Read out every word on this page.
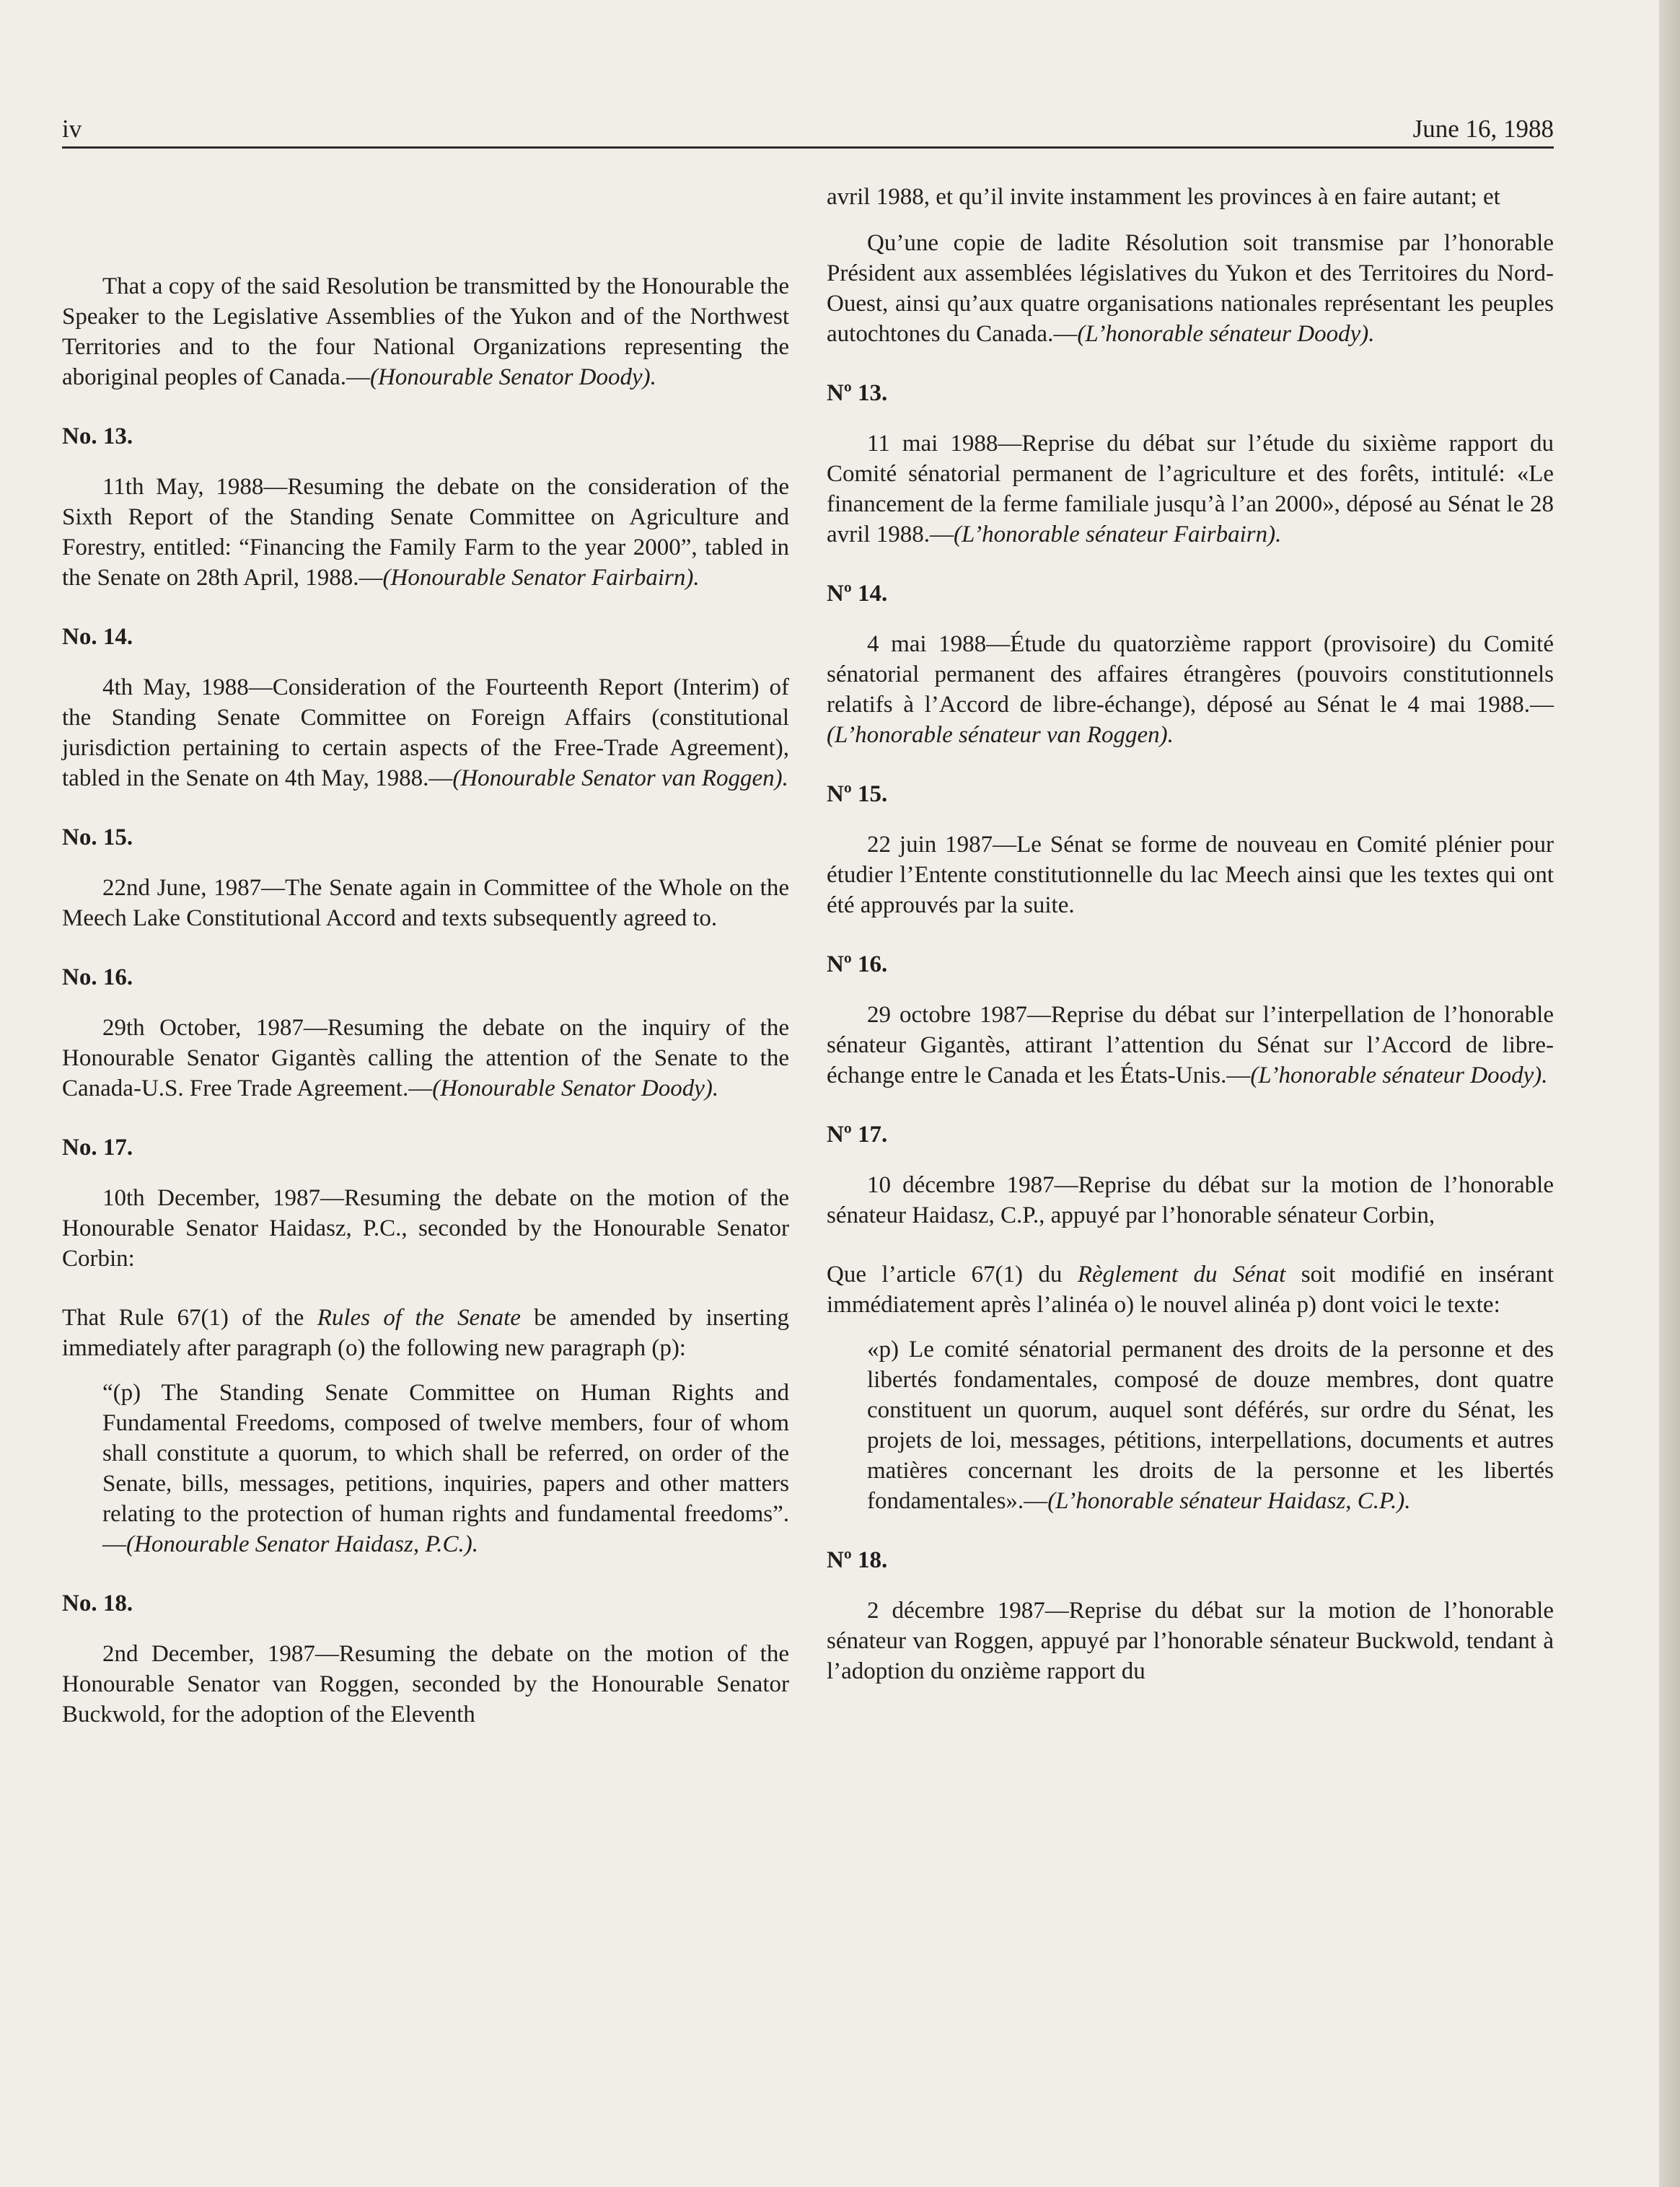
iv	June 16, 1988

That a copy of the said Resolution be transmitted by the Honourable the Speaker to the Legislative Assemblies of the Yukon and of the Northwest Territories and to the four National Organizations representing the aboriginal peoples of Canada.—(Honourable Senator Doody).

No. 13.

11th May, 1988—Resuming the debate on the consideration of the Sixth Report of the Standing Senate Committee on Agriculture and Forestry, entitled: “Financing the Family Farm to the year 2000”, tabled in the Senate on 28th April, 1988.—(Honourable Senator Fairbairn).

No. 14.

4th May, 1988—Consideration of the Fourteenth Report (Interim) of the Standing Senate Committee on Foreign Affairs (constitutional jurisdiction pertaining to certain aspects of the Free-Trade Agreement), tabled in the Senate on 4th May, 1988.—(Honourable Senator van Roggen).

No. 15.

22nd June, 1987—The Senate again in Committee of the Whole on the Meech Lake Constitutional Accord and texts subsequently agreed to.

No. 16.

29th October, 1987—Resuming the debate on the inquiry of the Honourable Senator Gigantès calling the attention of the Senate to the Canada-U.S. Free Trade Agreement.—(Honourable Senator Doody).

No. 17.

10th December, 1987—Resuming the debate on the motion of the Honourable Senator Haidasz, P.C., seconded by the Honourable Senator Corbin:

That Rule 67(1) of the Rules of the Senate be amended by inserting immediately after paragraph (o) the following new paragraph (p):

“(p) The Standing Senate Committee on Human Rights and Fundamental Freedoms, composed of twelve members, four of whom shall constitute a quorum, to which shall be referred, on order of the Senate, bills, messages, petitions, inquiries, papers and other matters relating to the protection of human rights and fundamental freedoms”.—(Honourable Senator Haidasz, P.C.).

No. 18.

2nd December, 1987—Resuming the debate on the motion of the Honourable Senator van Roggen, seconded by the Honourable Senator Buckwold, for the adoption of the Eleventh

avril 1988, et qu’il invite instamment les provinces à en faire autant; et

Qu’une copie de ladite Résolution soit transmise par l’honorable Président aux assemblées législatives du Yukon et des Territoires du Nord-Ouest, ainsi qu’aux quatre organisations nationales représentant les peuples autochtones du Canada.—(L’honorable sénateur Doody).

Nº 13.

11 mai 1988—Reprise du débat sur l’étude du sixième rapport du Comité sénatorial permanent de l’agriculture et des forêts, intitulé: «Le financement de la ferme familiale jusqu’à l’an 2000», déposé au Sénat le 28 avril 1988.—(L’honorable sénateur Fairbairn).

Nº 14.

4 mai 1988—Étude du quatorzième rapport (provisoire) du Comité sénatorial permanent des affaires étrangères (pouvoirs constitutionnels relatifs à l’Accord de libre-échange), déposé au Sénat le 4 mai 1988.—(L’honorable sénateur van Roggen).

Nº 15.

22 juin 1987—Le Sénat se forme de nouveau en Comité plénier pour étudier l’Entente constitutionnelle du lac Meech ainsi que les textes qui ont été approuvés par la suite.

Nº 16.

29 octobre 1987—Reprise du débat sur l’interpellation de l’honorable sénateur Gigantès, attirant l’attention du Sénat sur l’Accord de libre-échange entre le Canada et les États-Unis.—(L’honorable sénateur Doody).

Nº 17.

10 décembre 1987—Reprise du débat sur la motion de l’honorable sénateur Haidasz, C.P., appuyé par l’honorable sénateur Corbin,

Que l’article 67(1) du Règlement du Sénat soit modifié en insérant immédiatement après l’alinéa o) le nouvel alinéa p) dont voici le texte:

«p) Le comité sénatorial permanent des droits de la personne et des libertés fondamentales, composé de douze membres, dont quatre constituent un quorum, auquel sont déférés, sur ordre du Sénat, les projets de loi, messages, pétitions, interpellations, documents et autres matières concernant les droits de la personne et les libertés fondamentales».—(L’honorable sénateur Haidasz, C.P.).

Nº 18.

2 décembre 1987—Reprise du débat sur la motion de l’honorable sénateur van Roggen, appuyé par l’honorable sénateur Buckwold, tendant à l’adoption du onzième rapport du
